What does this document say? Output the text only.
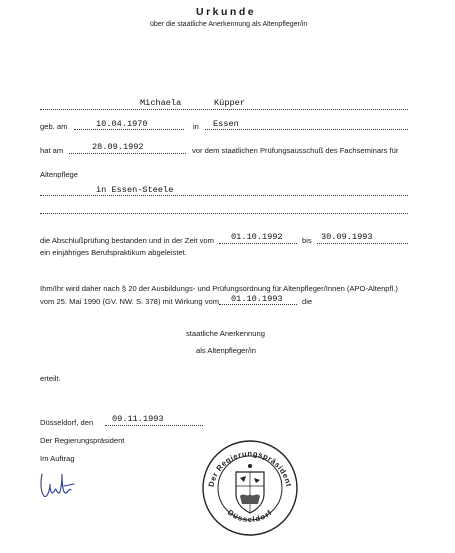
Urkunde
über die staatliche Anerkennung als Altenpfleger/in
Michaela	Küpper
geb. am	10.04.1970	in Essen
hat am	28.09.1992	vor dem staatlichen Prüfungsausschuß des Fachseminars für
Altenpflege
in Essen-Steele
die Abschlußprüfung bestanden und in der Zeit vom 01.10.1992	bis 30.09.1993
ein einjähriges Berufspraktikum abgeleistet.
Ihm/Ihr wird daher nach § 20 der Ausbildungs- und Prüfungsordnung für Altenpfleger/Innen (APO-Altenpfl.)
vom 25. Mai 1990 (GV. NW. S. 378) mit Wirkung vom 01.10.1993	die
staatliche Anerkennung
als Altenpfleger/in
erteilt.
Düsseldorf, den 09.11.1993
Der Regierungspräsident
Im Auftrag
Der Regierungspräsident
Düsseldorf
